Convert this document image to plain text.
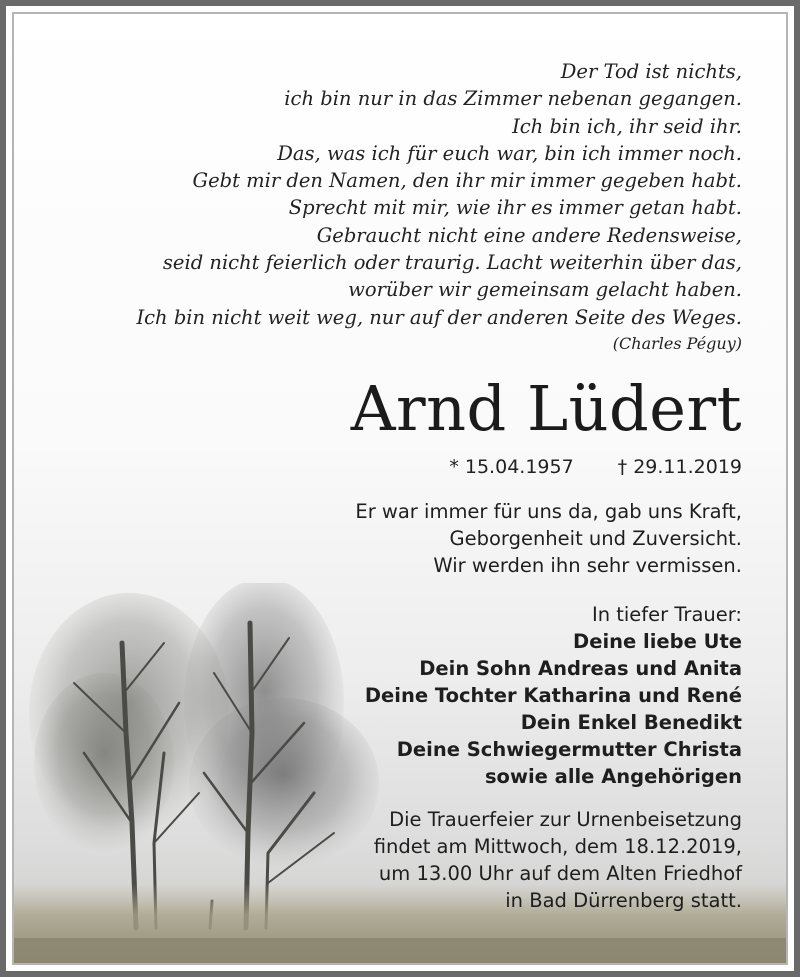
Der Tod ist nichts,
ich bin nur in das Zimmer nebenan gegangen.
Ich bin ich, ihr seid ihr.
Das, was ich für euch war, bin ich immer noch.
Gebt mir den Namen, den ihr mir immer gegeben habt.
Sprecht mit mir, wie ihr es immer getan habt.
Gebraucht nicht eine andere Redensweise,
seid nicht feierlich oder traurig. Lacht weiterhin über das,
worüber wir gemeinsam gelacht haben.
Ich bin nicht weit weg, nur auf der anderen Seite des Weges.
(Charles Péguy)
Arnd Lüdert
* 15.04.1957 † 29.11.2019
Er war immer für uns da, gab uns Kraft,
Geborgenheit und Zuversicht.
Wir werden ihn sehr vermissen.
In tiefer Trauer:
Deine liebe Ute
Dein Sohn Andreas und Anita
Deine Tochter Katharina und René
Dein Enkel Benedikt
Deine Schwiegermutter Christa
sowie alle Angehörigen
Die Trauerfeier zur Urnenbeisetzung
findet am Mittwoch, dem 18.12.2019,
um 13.00 Uhr auf dem Alten Friedhof
in Bad Dürrenberg statt.
